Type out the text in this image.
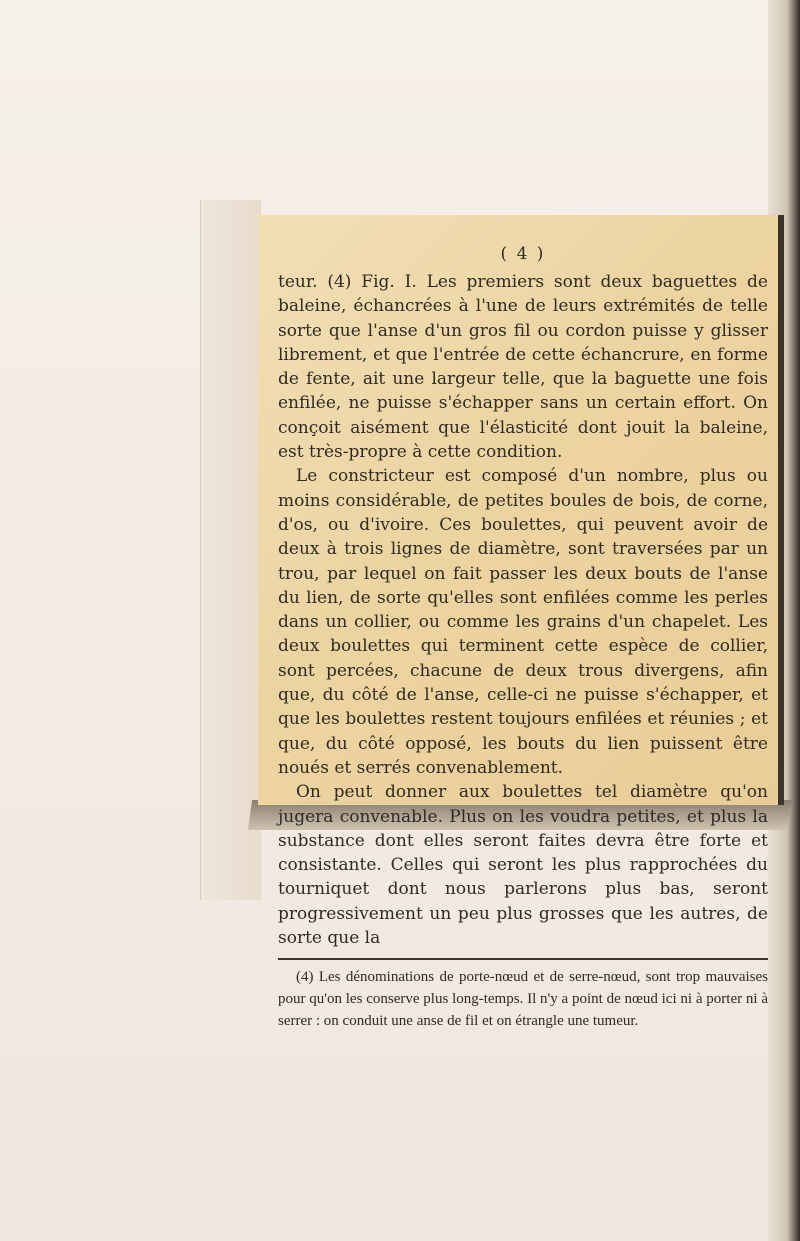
( 4 )

teur. (4) Fig. I. Les premiers sont deux baguettes de baleine, échancrées à l'une de leurs extrémités de telle sorte que l'anse d'un gros fil ou cordon puisse y glisser librement, et que l'entrée de cette échancrure, en forme de fente, ait une largeur telle, que la baguette une fois enfilée, ne puisse s'échapper sans un certain effort. On conçoit aisément que l'élasticité dont jouit la baleine, est très-propre à cette condition.

Le constricteur est composé d'un nombre, plus ou moins considérable, de petites boules de bois, de corne, d'os, ou d'ivoire. Ces boulettes, qui peuvent avoir de deux à trois lignes de diamètre, sont traversées par un trou, par lequel on fait passer les deux bouts de l'anse du lien, de sorte qu'elles sont enfilées comme les perles dans un collier, ou comme les grains d'un chapelet. Les deux boulettes qui terminent cette espèce de collier, sont percées, chacune de deux trous divergens, afin que, du côté de l'anse, celle-ci ne puisse s'échapper, et que les boulettes restent toujours enfilées et réunies ; et que, du côté opposé, les bouts du lien puissent être noués et serrés convenablement.

On peut donner aux boulettes tel diamètre qu'on jugera convenable. Plus on les voudra petites, et plus la substance dont elles seront faites devra être forte et consistante. Celles qui seront les plus rapprochées du tourniquet dont nous parlerons plus bas, seront progressivement un peu plus grosses que les autres, de sorte que la

(4) Les dénominations de porte-nœud et de serre-nœud, sont trop mauvaises pour qu'on les conserve plus long-temps. Il n'y a point de nœud ici ni à porter ni à serrer : on conduit une anse de fil et on étrangle une tumeur.
